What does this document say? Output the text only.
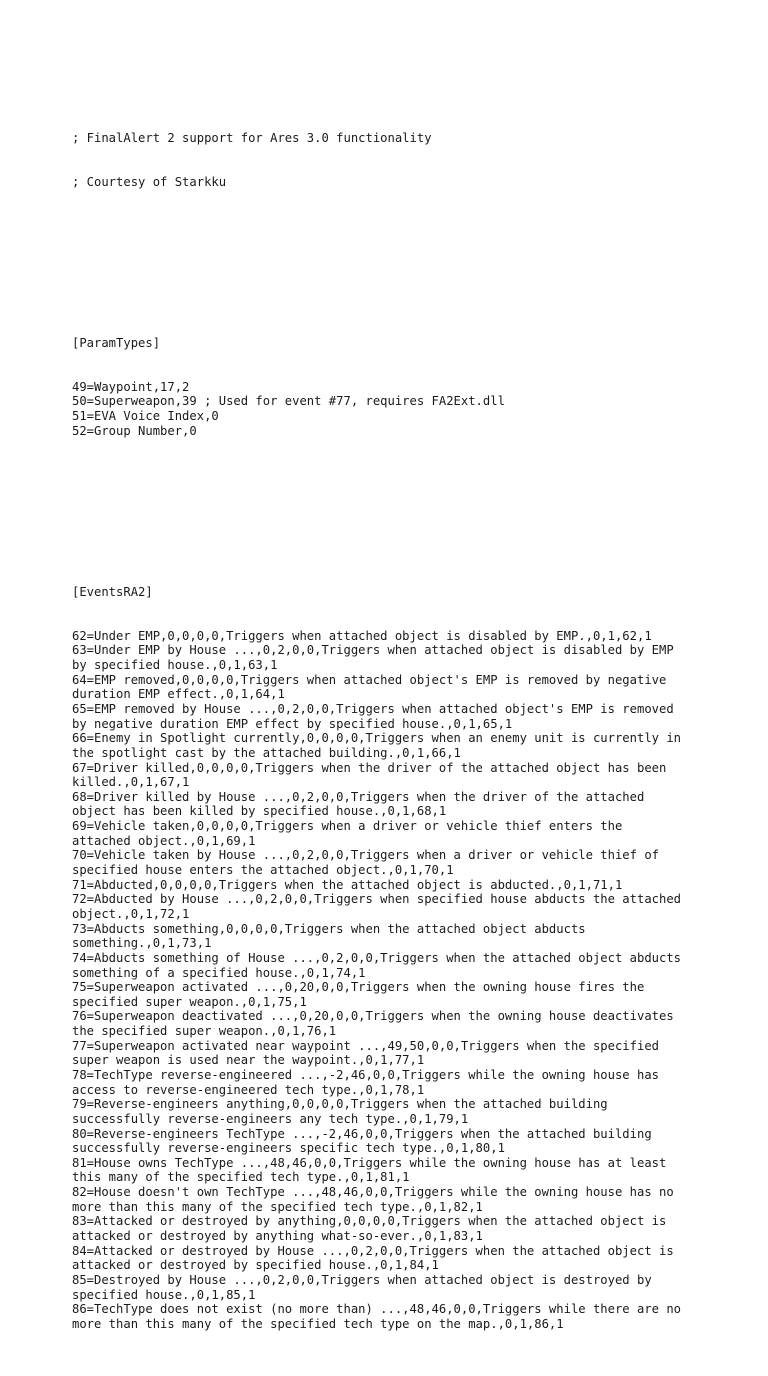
; FinalAlert 2 support for Ares 3.0 functionality

; Courtesy of Starkku

[ParamTypes]

49=Waypoint,17,2
50=Superweapon,39 ; Used for event #77, requires FA2Ext.dll
51=EVA Voice Index,0
52=Group Number,0

[EventsRA2]

62=Under EMP,0,0,0,0,Triggers when attached object is disabled by EMP.,0,1,62,1
63=Under EMP by House ...,0,2,0,0,Triggers when attached object is disabled by EMP
by specified house.,0,1,63,1
64=EMP removed,0,0,0,0,Triggers when attached object's EMP is removed by negative
duration EMP effect.,0,1,64,1
65=EMP removed by House ...,0,2,0,0,Triggers when attached object's EMP is removed
by negative duration EMP effect by specified house.,0,1,65,1
66=Enemy in Spotlight currently,0,0,0,0,Triggers when an enemy unit is currently in
the spotlight cast by the attached building.,0,1,66,1
67=Driver killed,0,0,0,0,Triggers when the driver of the attached object has been
killed.,0,1,67,1
68=Driver killed by House ...,0,2,0,0,Triggers when the driver of the attached
object has been killed by specified house.,0,1,68,1
69=Vehicle taken,0,0,0,0,Triggers when a driver or vehicle thief enters the
attached object.,0,1,69,1
70=Vehicle taken by House ...,0,2,0,0,Triggers when a driver or vehicle thief of
specified house enters the attached object.,0,1,70,1
71=Abducted,0,0,0,0,Triggers when the attached object is abducted.,0,1,71,1
72=Abducted by House ...,0,2,0,0,Triggers when specified house abducts the attached
object.,0,1,72,1
73=Abducts something,0,0,0,0,Triggers when the attached object abducts
something.,0,1,73,1
74=Abducts something of House ...,0,2,0,0,Triggers when the attached object abducts
something of a specified house.,0,1,74,1
75=Superweapon activated ...,0,20,0,0,Triggers when the owning house fires the
specified super weapon.,0,1,75,1
76=Superweapon deactivated ...,0,20,0,0,Triggers when the owning house deactivates
the specified super weapon.,0,1,76,1
77=Superweapon activated near waypoint ...,49,50,0,0,Triggers when the specified
super weapon is used near the waypoint.,0,1,77,1
78=TechType reverse-engineered ...,-2,46,0,0,Triggers while the owning house has
access to reverse-engineered tech type.,0,1,78,1
79=Reverse-engineers anything,0,0,0,0,Triggers when the attached building
successfully reverse-engineers any tech type.,0,1,79,1
80=Reverse-engineers TechType ...,-2,46,0,0,Triggers when the attached building
successfully reverse-engineers specific tech type.,0,1,80,1
81=House owns TechType ...,48,46,0,0,Triggers while the owning house has at least
this many of the specified tech type.,0,1,81,1
82=House doesn't own TechType ...,48,46,0,0,Triggers while the owning house has no
more than this many of the specified tech type.,0,1,82,1
83=Attacked or destroyed by anything,0,0,0,0,Triggers when the attached object is
attacked or destroyed by anything what-so-ever.,0,1,83,1
84=Attacked or destroyed by House ...,0,2,0,0,Triggers when the attached object is
attacked or destroyed by specified house.,0,1,84,1
85=Destroyed by House ...,0,2,0,0,Triggers when attached object is destroyed by
specified house.,0,1,85,1
86=TechType does not exist (no more than) ...,48,46,0,0,Triggers while there are no
more than this many of the specified tech type on the map.,0,1,86,1
